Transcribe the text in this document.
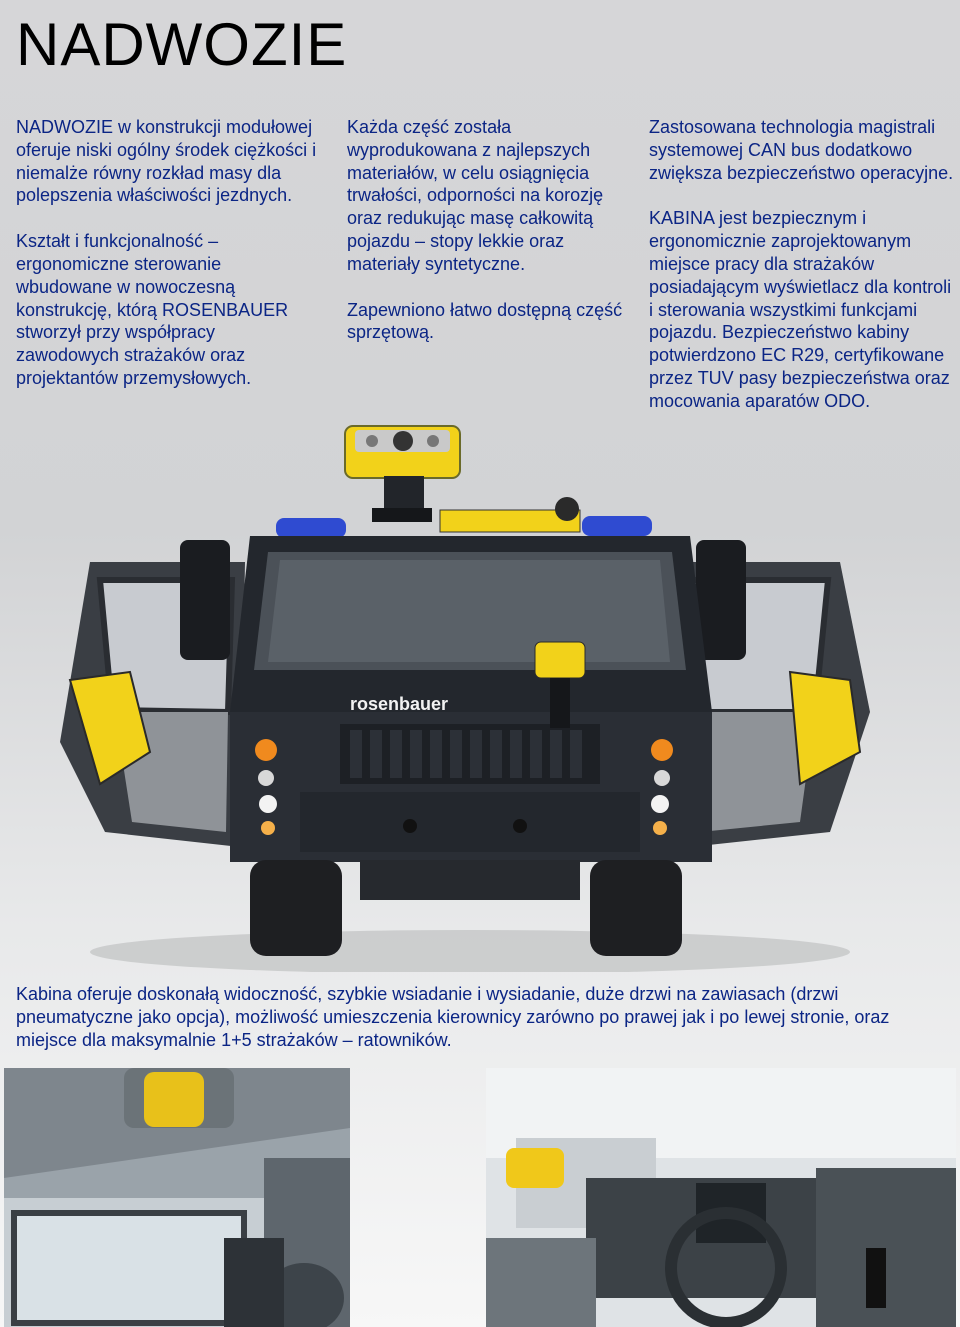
NADWOZIE

NADWOZIE w konstrukcji modułowej oferuje niski ogólny środek ciężkości i niemalże równy rozkład masy dla polepszenia właściwości jezdnych.

Kształt i funkcjonalność – ergonomiczne sterowanie wbudowane w nowoczesną konstrukcję, którą ROSENBAUER stworzył przy współpracy zawodowych strażaków oraz projektantów przemysłowych.

Każda część została wyprodukowana z najlepszych materiałów, w celu osiągnięcia trwałości, odporności na korozję oraz redukując masę całkowitą pojazdu – stopy lekkie oraz materiały syntetyczne.

Zapewniono łatwo dostępną część sprzętową.

Zastosowana technologia magistrali systemowej CAN bus dodatkowo zwiększa bezpieczeństwo operacyjne.

KABINA jest bezpiecznym i ergonomicznie zaprojektowanym miejsce pracy dla strażaków posiadającym wyświetlacz dla kontroli i sterowania wszystkimi funkcjami pojazdu. Bezpieczeństwo kabiny potwierdzono EC R29, certyfikowane przez TUV pasy bezpieczeństwa oraz mocowania aparatów ODO.

rosenbauer

Kabina oferuje doskonałą widoczność, szybkie wsiadanie i wysiadanie, duże drzwi na zawiasach (drzwi pneumatyczne jako opcja), możliwość umieszczenia kierownicy zarówno po prawej jak i po lewej stronie, oraz miejsce dla maksymalnie 1+5 strażaków – ratowników.
